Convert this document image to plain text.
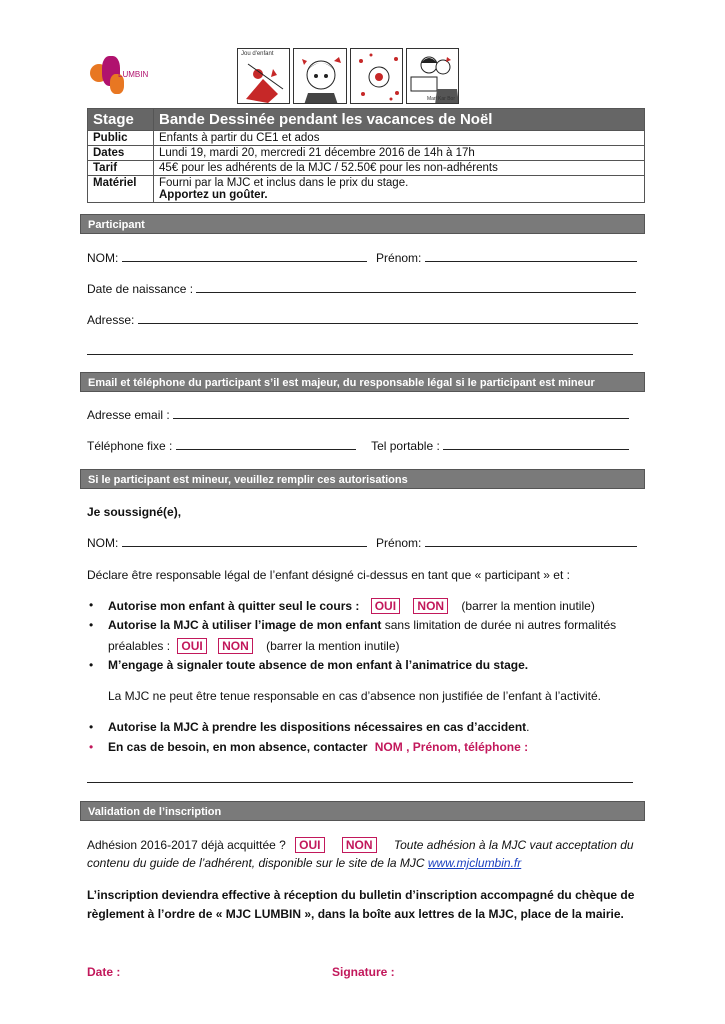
LUMBIN
Jou d'enfant
Mari Kar Bor
Stage	Bande Dessinée pendant les vacances de Noël
Public	Enfants à partir du CE1 et ados
Dates	Lundi 19, mardi 20, mercredi 21 décembre 2016 de 14h à 17h
Tarif	45€ pour les adhérents de la MJC / 52.50€ pour les non-adhérents
Matériel	Fourni par la MJC et inclus dans le prix du stage.
Apportez un goûter.
Participant
NOM:	Prénom:
Date de naissance :
Adresse:
Email et téléphone du participant s’il est majeur, du responsable légal si le participant est mineur
Adresse email :
Téléphone fixe :	Tel portable :
Si le participant est mineur, veuillez remplir ces autorisations
Je soussigné(e),
NOM:	Prénom:
Déclare être responsable légal de l’enfant désigné ci-dessus en tant que « participant » et :
• Autorise mon enfant à quitter seul le cours : OUI NON (barrer la mention inutile)
• Autorise la MJC à utiliser l’image de mon enfant sans limitation de durée ni autres formalités
préalables : OUI NON (barrer la mention inutile)
• M’engage à signaler toute absence de mon enfant à l’animatrice du stage.
La MJC ne peut être tenue responsable en cas d’absence non justifiée de l’enfant à l’activité.
• Autorise la MJC à prendre les dispositions nécessaires en cas d’accident.
• En cas de besoin, en mon absence, contacter NOM , Prénom, téléphone :
Validation de l’inscription
Adhésion 2016-2017 déjà acquittée ? OUI NON Toute adhésion à la MJC vaut acceptation du
contenu du guide de l’adhérent, disponible sur le site de la MJC www.mjclumbin.fr
L’inscription deviendra effective à réception du bulletin d’inscription accompagné du chèque de
règlement à l’ordre de « MJC LUMBIN », dans la boîte aux lettres de la MJC, place de la mairie.
Date :	Signature :
